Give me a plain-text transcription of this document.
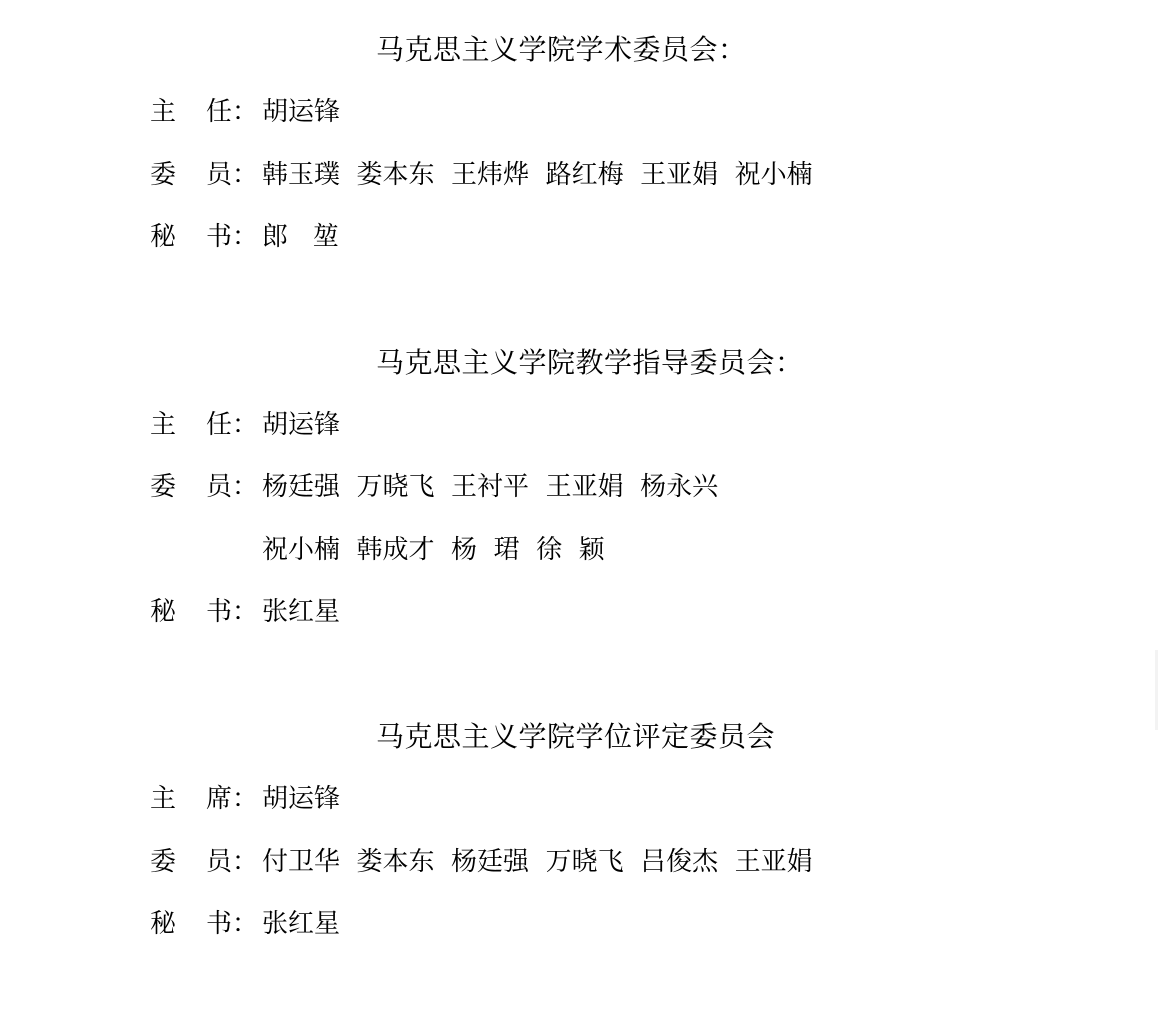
马克思主义学院学术委员会：
主 任： 胡运锋
委 员： 韩玉璞  娄本东  王炜烨  路红梅  王亚娟  祝小楠
秘 书： 郎   堃
马克思主义学院教学指导委员会：
主 任： 胡运锋
委 员： 杨廷强  万晓飞  王衬平  王亚娟  杨永兴
祝小楠  韩成才  杨  珺  徐  颖
秘 书： 张红星
马克思主义学院学位评定委员会
主 席： 胡运锋
委 员： 付卫华  娄本东  杨廷强  万晓飞  吕俊杰  王亚娟
秘 书： 张红星
